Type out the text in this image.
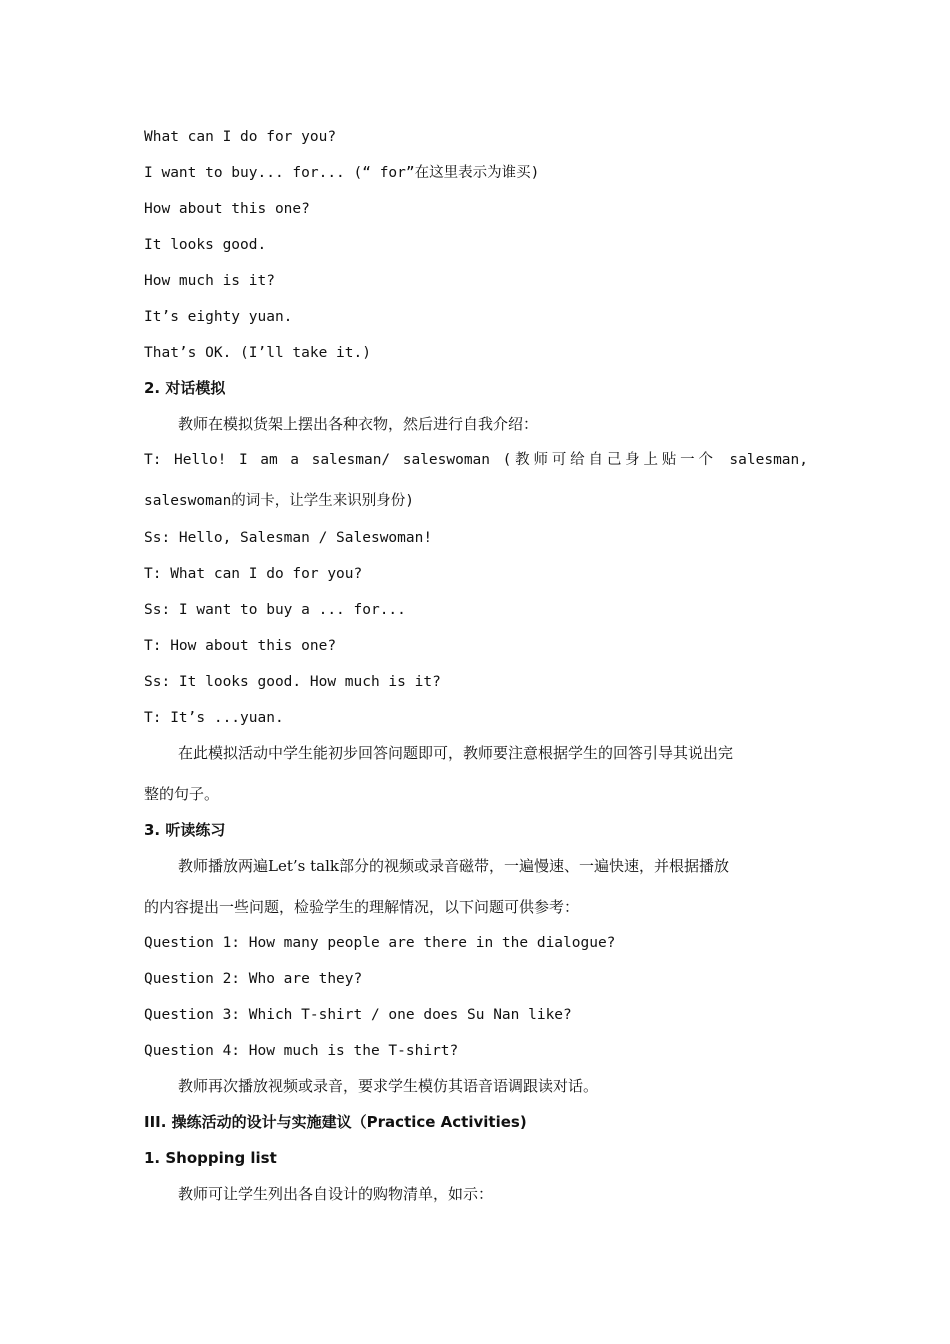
What can I do for you?

I want to buy... for... (“ for”在这里表示为谁买)

How about this one?

It looks good.

How much is it?

It’s eighty yuan.

That’s OK. (I’ll take it.)

2. 对话模拟

教师在模拟货架上摆出各种衣物，然后进行自我介绍：

T: Hello! I am a salesman/ saleswoman (教师可给自己身上贴一个 salesman,

saleswoman的词卡，让学生来识别身份)

Ss: Hello, Salesman / Saleswoman!

T: What can I do for you?

Ss: I want to buy a ... for...

T: How about this one?

Ss: It looks good. How much is it?

T: It’s ...yuan.

在此模拟活动中学生能初步回答问题即可，教师要注意根据学生的回答引导其说出完

整的句子。

3. 听读练习

教师播放两遍Let’s talk部分的视频或录音磁带，一遍慢速、一遍快速，并根据播放

的内容提出一些问题，检验学生的理解情况，以下问题可供参考：

Question 1: How many people are there in the dialogue?

Question 2: Who are they?

Question 3: Which T-shirt / one does Su Nan like?

Question 4: How much is the T-shirt?

教师再次播放视频或录音，要求学生模仿其语音语调跟读对话。

III. 操练活动的设计与实施建议（Practice Activities)

1. Shopping list

教师可让学生列出各自设计的购物清单，如示：
